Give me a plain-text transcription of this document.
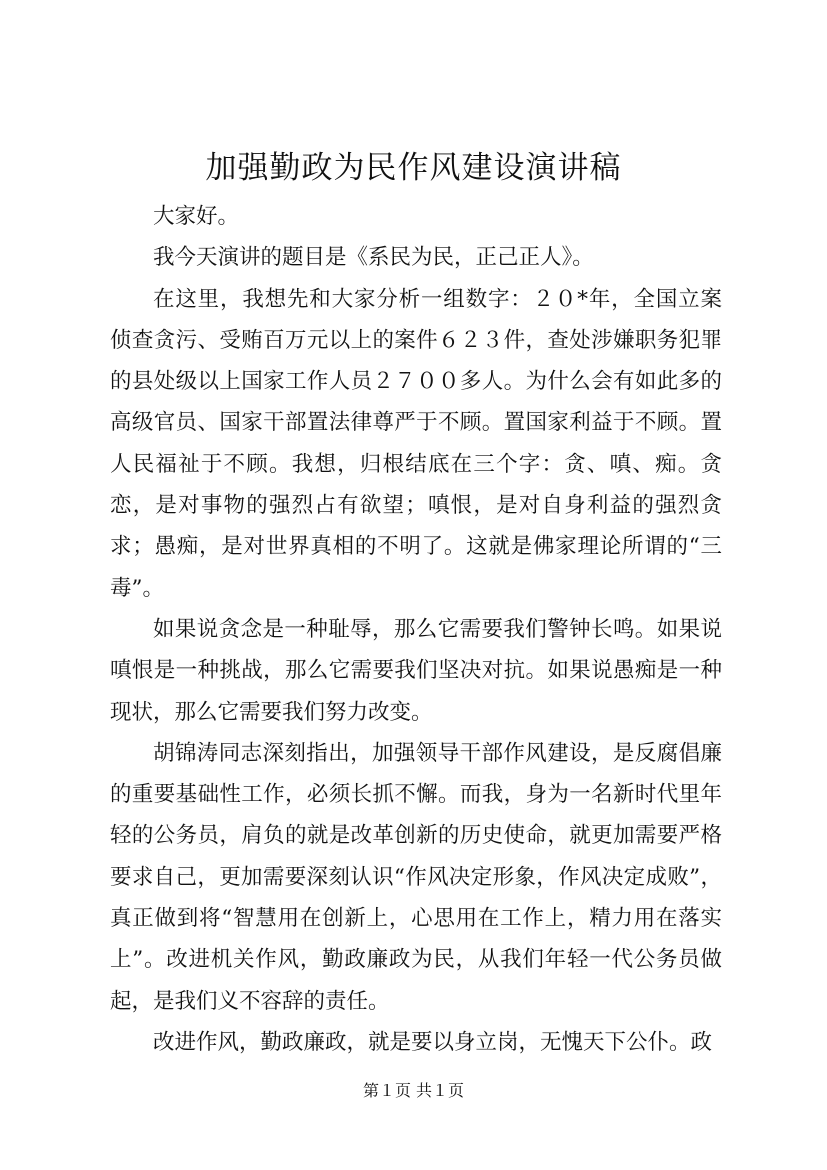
加强勤政为民作风建设演讲稿

大家好。

我今天演讲的题目是《系民为民，正己正人》。

在这里，我想先和大家分析一组数字：２０*年，全国立案侦查贪污、受贿百万元以上的案件６２３件，查处涉嫌职务犯罪的县处级以上国家工作人员２７００多人。为什么会有如此多的高级官员、国家干部置法律尊严于不顾。置国家利益于不顾。置人民福祉于不顾。我想，归根结底在三个字：贪、嗔、痴。贪恋，是对事物的强烈占有欲望；嗔恨，是对自身利益的强烈贪求；愚痴，是对世界真相的不明了。这就是佛家理论所谓的“三毒”。

如果说贪念是一种耻辱，那么它需要我们警钟长鸣。如果说嗔恨是一种挑战，那么它需要我们坚决对抗。如果说愚痴是一种现状，那么它需要我们努力改变。

胡锦涛同志深刻指出，加强领导干部作风建设，是反腐倡廉的重要基础性工作，必须长抓不懈。而我，身为一名新时代里年轻的公务员，肩负的就是改革创新的历史使命，就更加需要严格要求自己，更加需要深刻认识“作风决定形象，作风决定成败”，真正做到将“智慧用在创新上，心思用在工作上，精力用在落实上”。改进机关作风，勤政廉政为民，从我们年轻一代公务员做起，是我们义不容辞的责任。

改进作风，勤政廉政，就是要以身立岗，无愧天下公仆。政

第１页 共１页
